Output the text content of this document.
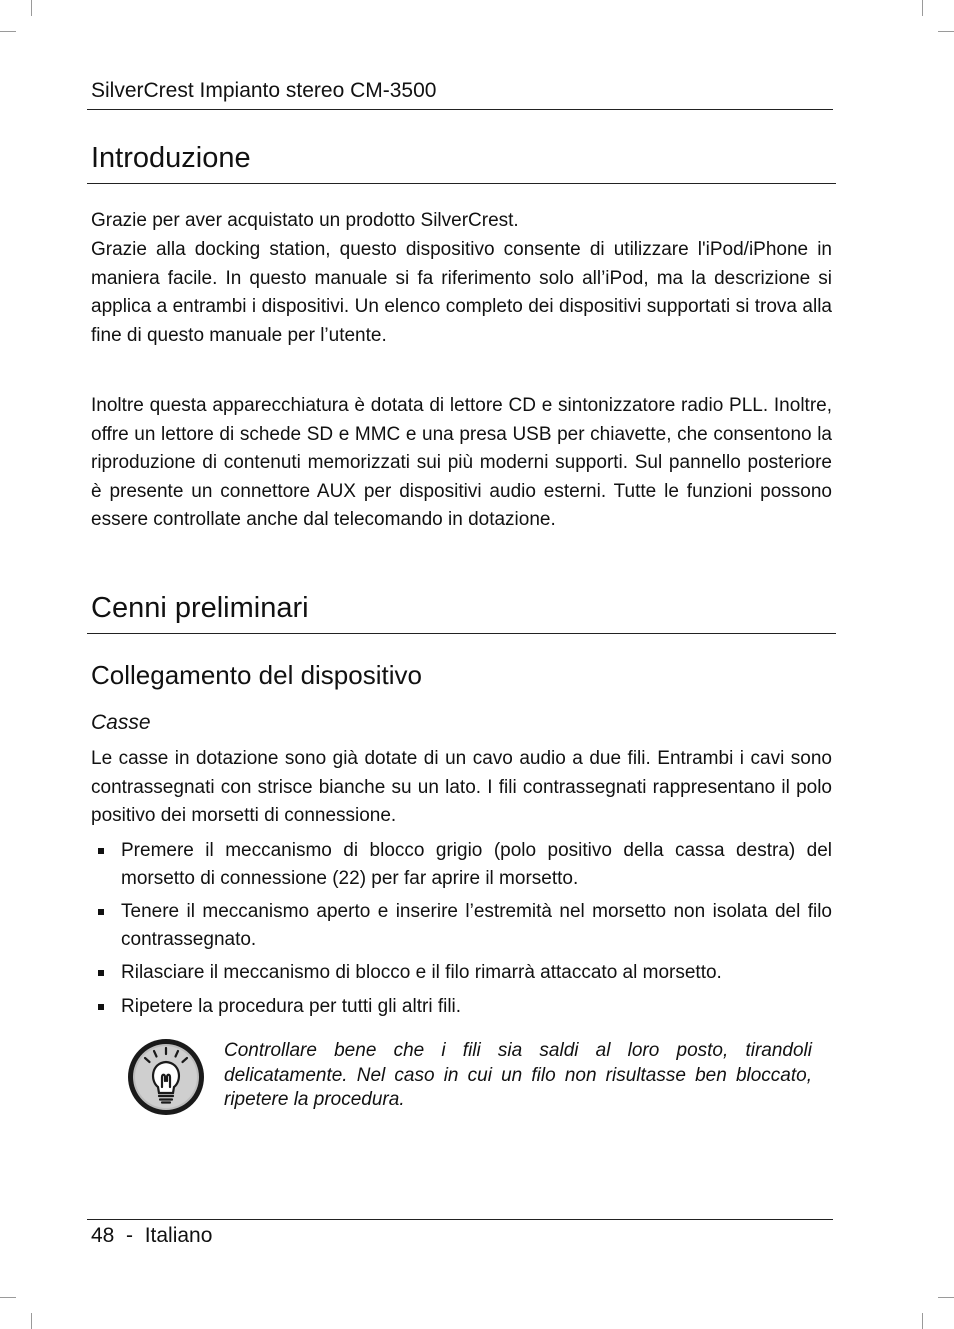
SilverCrest Impianto stereo CM-3500
Introduzione

Grazie per aver acquistato un prodotto SilverCrest.

Grazie alla docking station, questo dispositivo consente di utilizzare l'iPod/iPhone in maniera facile. In questo manuale si fa riferimento solo all’iPod, ma la descrizione si applica a entrambi i dispositivi. Un elenco completo dei dispositivi supportati si trova alla fine di questo manuale per l’utente.

Inoltre questa apparecchiatura è dotata di lettore CD e sintonizzatore radio PLL. Inoltre, offre un lettore di schede SD e MMC e una presa USB per chiavette, che consentono la riproduzione di contenuti memorizzati sui più moderni supporti. Sul pannello posteriore è presente un connettore AUX per dispositivi audio esterni. Tutte le funzioni possono essere controllate anche dal telecomando in dotazione.

Cenni preliminari
Collegamento del dispositivo
Casse

Le casse in dotazione sono già dotate di un cavo audio a due fili. Entrambi i cavi sono contrassegnati con strisce bianche su un lato. I fili contrassegnati rappresentano il polo positivo dei morsetti di connessione.

Premere il meccanismo di blocco grigio (polo positivo della cassa destra) del morsetto di connessione (22) per far aprire il morsetto.
Tenere il meccanismo aperto e inserire l’estremità nel morsetto non isolata del filo contrassegnato.
Rilasciare il meccanismo di blocco e il filo rimarrà attaccato al morsetto.
Ripetere la procedura per tutti gli altri fili.

Controllare bene che i fili sia saldi al loro posto, tirandoli delicatamente. Nel caso in cui un filo non risultasse ben bloccato, ripetere la procedura.

48  -  Italiano
